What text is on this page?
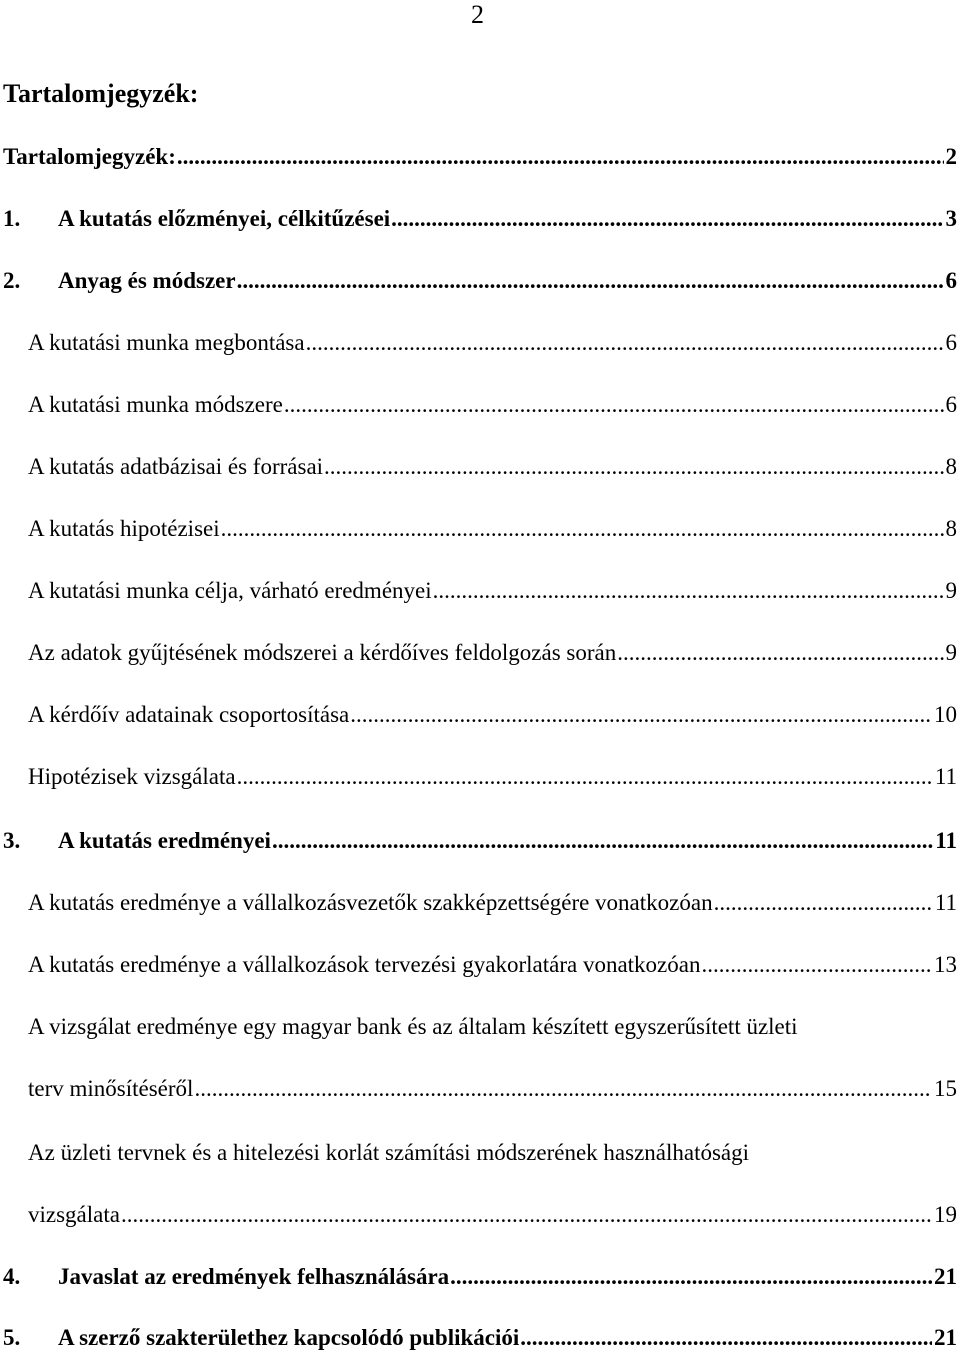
2
Tartalomjegyzék:
Tartalomjegyzék: .....	2
1.	A kutatás előzményei, célkitűzései .....	3
2.	Anyag és módszer .....	6
A kutatási munka megbontása .....	6
A kutatási munka módszere .....	6
A kutatás adatbázisai és forrásai .....	8
A kutatás hipotézisei .....	8
A kutatási munka célja, várható eredményei .....	9
Az adatok gyűjtésének módszerei a kérdőíves feldolgozás során .....	9
A kérdőív adatainak csoportosítása .....	10
Hipotézisek vizsgálata .....	11
3.	A kutatás eredményei .....	11
A kutatás eredménye a vállalkozásvezetők szakképzettségére vonatkozóan .....	11
A kutatás eredménye a vállalkozások tervezési gyakorlatára vonatkozóan .....	13
A vizsgálat eredménye egy magyar bank és az általam készített egyszerűsített üzleti
terv minősítéséről .....	15
Az üzleti tervnek és a hitelezési korlát számítási módszerének használhatósági
vizsgálata .....	19
4.	Javaslat az eredmények felhasználására .....	21
5.	A szerző szakterülethez kapcsolódó publikációi .....	21
